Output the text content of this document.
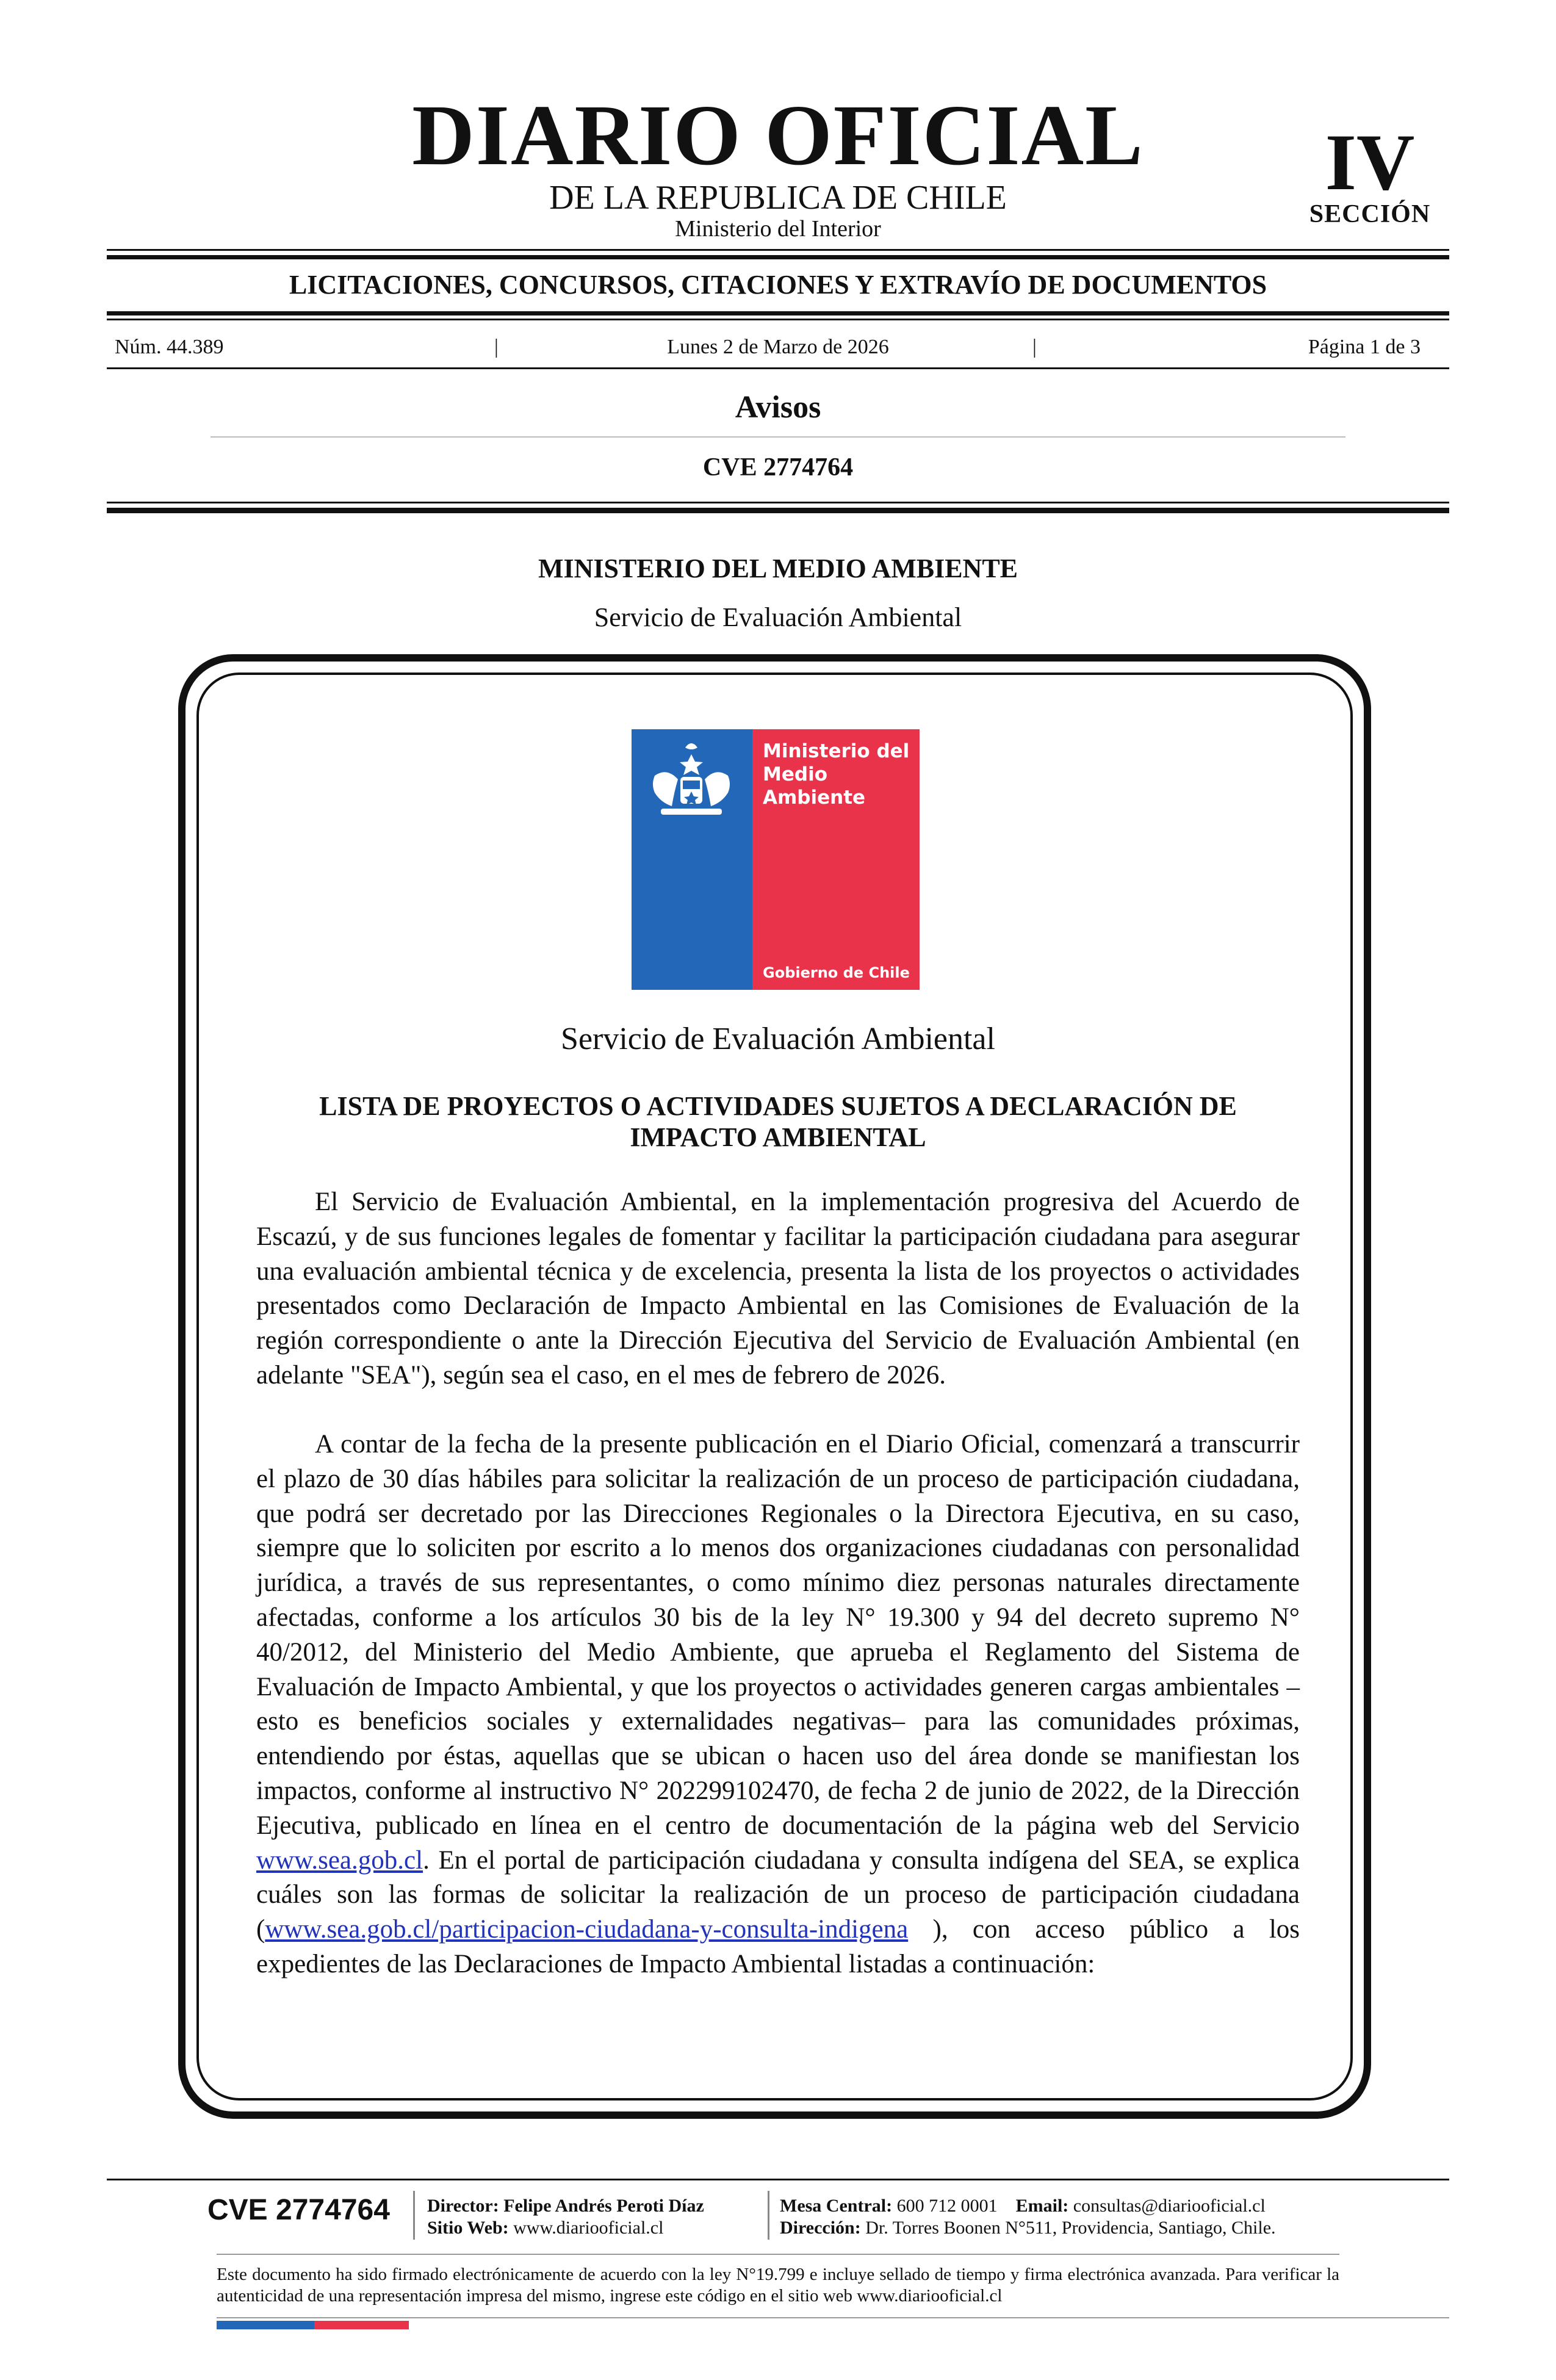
DIARIO OFICIAL
DE LA REPUBLICA DE CHILE
Ministerio del Interior
IV
SECCIÓN
LICITACIONES, CONCURSOS, CITACIONES Y EXTRAVÍO DE DOCUMENTOS
Núm. 44.389	|	Lunes 2 de Marzo de 2026	|	Página 1 de 3
Avisos
CVE 2774764
MINISTERIO DEL MEDIO AMBIENTE
Servicio de Evaluación Ambiental
Ministerio del Medio Ambiente
Gobierno de Chile
Servicio de Evaluación Ambiental
LISTA DE PROYECTOS O ACTIVIDADES SUJETOS A DECLARACIÓN DE IMPACTO AMBIENTAL
El Servicio de Evaluación Ambiental, en la implementación progresiva del Acuerdo de Escazú, y de sus funciones legales de fomentar y facilitar la participación ciudadana para asegurar una evaluación ambiental técnica y de excelencia, presenta la lista de los proyectos o actividades presentados como Declaración de Impacto Ambiental en las Comisiones de Evaluación de la región correspondiente o ante la Dirección Ejecutiva del Servicio de Evaluación Ambiental (en adelante "SEA"), según sea el caso, en el mes de febrero de 2026.
A contar de la fecha de la presente publicación en el Diario Oficial, comenzará a transcurrir el plazo de 30 días hábiles para solicitar la realización de un proceso de participación ciudadana, que podrá ser decretado por las Direcciones Regionales o la Directora Ejecutiva, en su caso, siempre que lo soliciten por escrito a lo menos dos organizaciones ciudadanas con personalidad jurídica, a través de sus representantes, o como mínimo diez personas naturales directamente afectadas, conforme a los artículos 30 bis de la ley N° 19.300 y 94 del decreto supremo N° 40/2012, del Ministerio del Medio Ambiente, que aprueba el Reglamento del Sistema de Evaluación de Impacto Ambiental, y que los proyectos o actividades generen cargas ambientales –esto es beneficios sociales y externalidades negativas– para las comunidades próximas, entendiendo por éstas, aquellas que se ubican o hacen uso del área donde se manifiestan los impactos, conforme al instructivo N° 202299102470, de fecha 2 de junio de 2022, de la Dirección Ejecutiva, publicado en línea en el centro de documentación de la página web del Servicio www.sea.gob.cl. En el portal de participación ciudadana y consulta indígena del SEA, se explica cuáles son las formas de solicitar la realización de un proceso de participación ciudadana (www.sea.gob.cl/participacion-ciudadana-y-consulta-indigena ), con acceso público a los expedientes de las Declaraciones de Impacto Ambiental listadas a continuación:
CVE 2774764 Director: Felipe Andrés Peroti Díaz
Sitio Web: www.diariooficial.cl
Mesa Central: 600 712 0001 Email: consultas@diariooficial.cl
Dirección: Dr. Torres Boonen N°511, Providencia, Santiago, Chile.
Este documento ha sido firmado electrónicamente de acuerdo con la ley N°19.799 e incluye sellado de tiempo y firma electrónica avanzada. Para verificar la autenticidad de una representación impresa del mismo, ingrese este código en el sitio web www.diariooficial.cl
